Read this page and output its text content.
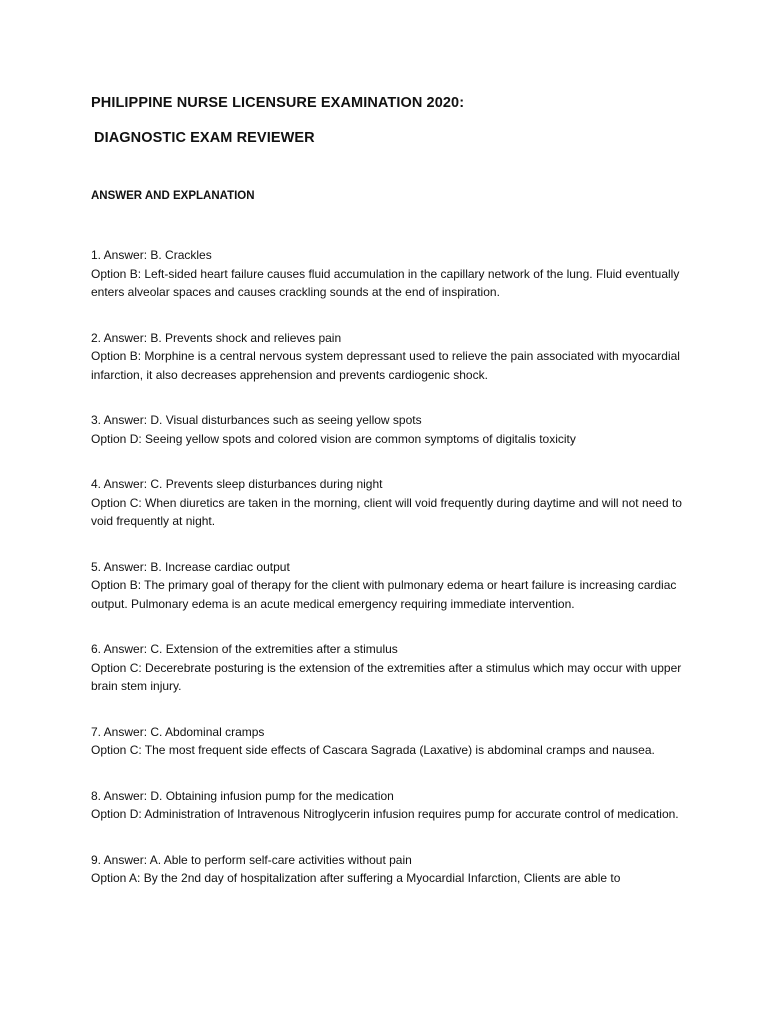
PHILIPPINE NURSE LICENSURE EXAMINATION 2020:
DIAGNOSTIC EXAM REVIEWER
ANSWER AND EXPLANATION
1. Answer: B. Crackles
Option B: Left-sided heart failure causes fluid accumulation in the capillary network of the lung. Fluid eventually enters alveolar spaces and causes crackling sounds at the end of inspiration.
2. Answer: B. Prevents shock and relieves pain
Option B: Morphine is a central nervous system depressant used to relieve the pain associated with myocardial infarction, it also decreases apprehension and prevents cardiogenic shock.
3. Answer: D. Visual disturbances such as seeing yellow spots
Option D: Seeing yellow spots and colored vision are common symptoms of digitalis toxicity
4. Answer: C. Prevents sleep disturbances during night
Option C: When diuretics are taken in the morning, client will void frequently during daytime and will not need to void frequently at night.
5. Answer: B. Increase cardiac output
Option B: The primary goal of therapy for the client with pulmonary edema or heart failure is increasing cardiac output. Pulmonary edema is an acute medical emergency requiring immediate intervention.
6. Answer: C. Extension of the extremities after a stimulus
Option C: Decerebrate posturing is the extension of the extremities after a stimulus which may occur with upper brain stem injury.
7. Answer: C. Abdominal cramps
Option C: The most frequent side effects of Cascara Sagrada (Laxative) is abdominal cramps and nausea.
8. Answer: D. Obtaining infusion pump for the medication
Option D: Administration of Intravenous Nitroglycerin infusion requires pump for accurate control of medication.
9. Answer: A. Able to perform self-care activities without pain
Option A: By the 2nd day of hospitalization after suffering a Myocardial Infarction, Clients are able to
